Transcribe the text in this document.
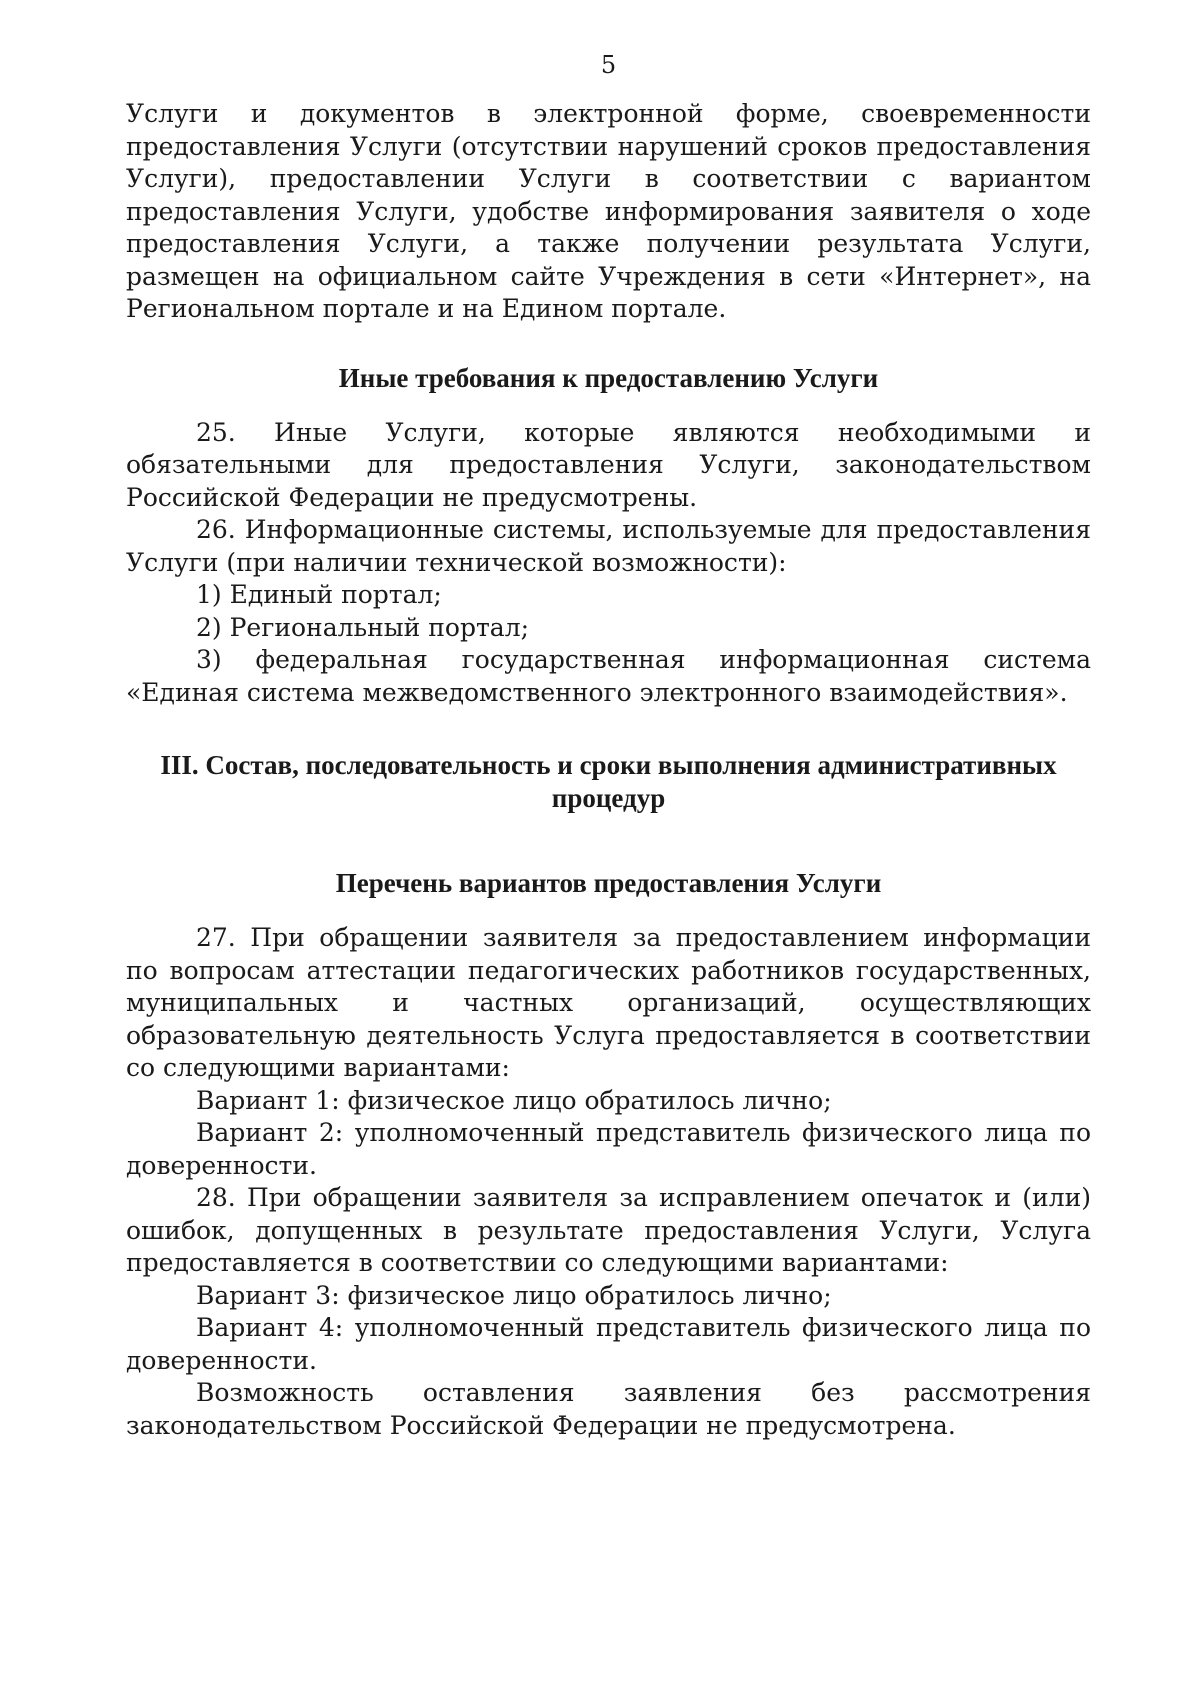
5

Услуги и документов в электронной форме, своевременности предоставления Услуги (отсутствии нарушений сроков предоставления Услуги), предоставлении Услуги в соответствии с вариантом предоставления Услуги, удобстве информирования заявителя о ходе предоставления Услуги, а также получении результата Услуги, размещен на официальном сайте Учреждения в сети «Интернет», на Региональном портале и на Едином портале.

Иные требования к предоставлению Услуги

25. Иные Услуги, которые являются необходимыми и обязательными для предоставления Услуги, законодательством Российской Федерации не предусмотрены.

26. Информационные системы, используемые для предоставления Услуги (при наличии технической возможности):

1) Единый портал;

2) Региональный портал;

3) федеральная государственная информационная система «Единая система межведомственного электронного взаимодействия».

III. Состав, последовательность и сроки выполнения административных процедур
Перечень вариантов предоставления Услуги

27. При обращении заявителя за предоставлением информации по вопросам аттестации педагогических работников государственных, муниципальных и частных организаций, осуществляющих образовательную деятельность Услуга предоставляется в соответствии со следующими вариантами:

Вариант 1: физическое лицо обратилось лично;

Вариант 2: уполномоченный представитель физического лица по доверенности.

28. При обращении заявителя за исправлением опечаток и (или) ошибок, допущенных в результате предоставления Услуги, Услуга предоставляется в соответствии со следующими вариантами:

Вариант 3: физическое лицо обратилось лично;

Вариант 4: уполномоченный представитель физического лица по доверенности.

Возможность оставления заявления без рассмотрения законодательством Российской Федерации не предусмотрена.
